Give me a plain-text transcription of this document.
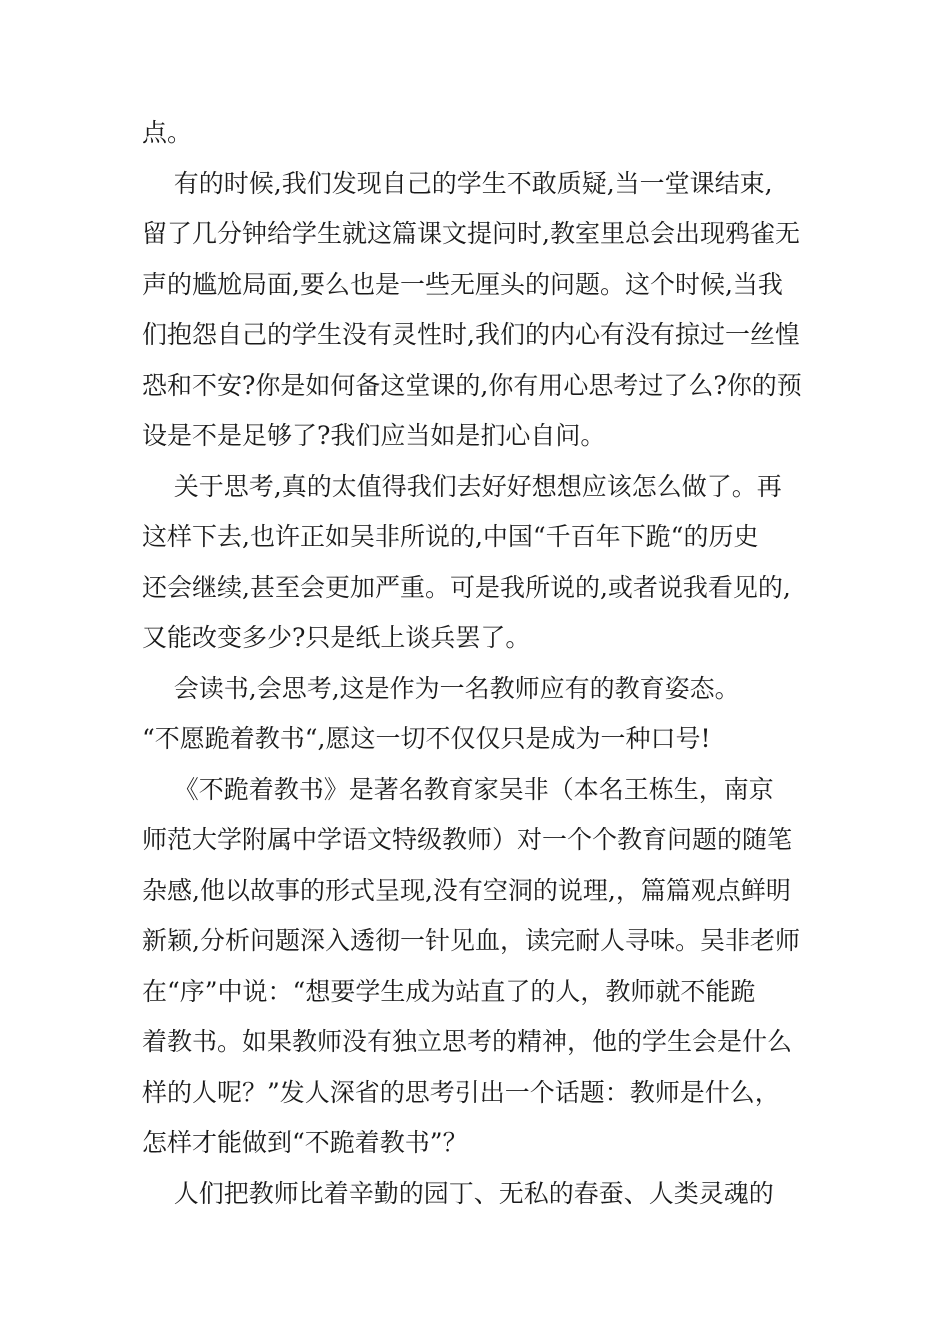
点。
有的时候,我们发现自己的学生不敢质疑,当一堂课结束,
留了几分钟给学生就这篇课文提问时,教室里总会出现鸦雀无
声的尴尬局面,要么也是一些无厘头的问题。这个时候,当我
们抱怨自己的学生没有灵性时,我们的内心有没有掠过一丝惶
恐和不安?你是如何备这堂课的,你有用心思考过了么?你的预
设是不是足够了?我们应当如是扪心自问。
关于思考,真的太值得我们去好好想想应该怎么做了。再
这样下去,也许正如吴非所说的,中国“千百年下跪“的历史
还会继续,甚至会更加严重。可是我所说的,或者说我看见的,
又能改变多少?只是纸上谈兵罢了。
会读书,会思考,这是作为一名教师应有的教育姿态。
“不愿跪着教书“,愿这一切不仅仅只是成为一种口号!
《不跪着教书》是著名教育家吴非（本名王栋生，南京
师范大学附属中学语文特级教师）对一个个教育问题的随笔
杂感,他以故事的形式呈现,没有空洞的说理,，篇篇观点鲜明
新颖,分析问题深入透彻一针见血，读完耐人寻味。吴非老师
在“序”中说：“想要学生成为站直了的人，教师就不能跪
着教书。如果教师没有独立思考的精神，他的学生会是什么
样的人呢？”发人深省的思考引出一个话题：教师是什么，
怎样才能做到“不跪着教书”？
人们把教师比着辛勤的园丁、无私的春蚕、人类灵魂的
